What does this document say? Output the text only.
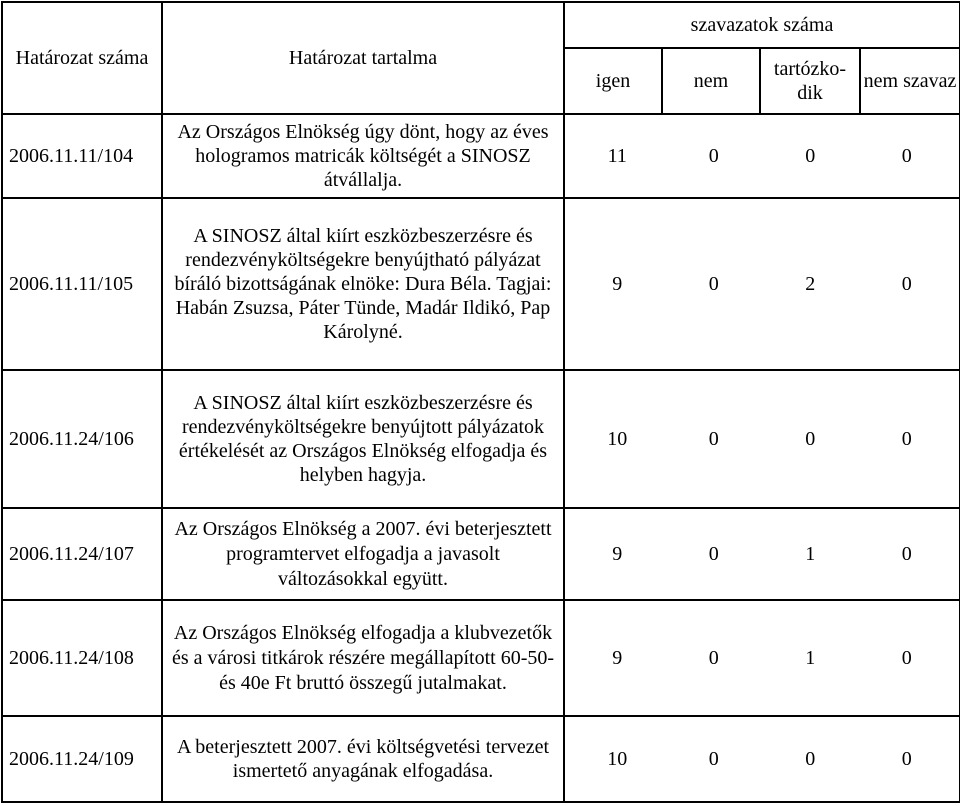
Határozat száma	Határozat tartalma	szavazatok száma			
		igen	nem	tartózko-dik	nem szavaz
2006.11.11/104	Az Országos Elnökség úgy dönt, hogy az éves hologramos matricák költségét a SINOSZ átvállalja.	11 0 0 0			

2006.11.11/105	A SINOSZ által kiírt eszközbeszerzésre és rendezvényköltségekre benyújtható pályázat bíráló bizottságának elnöke: Dura Béla. Tagjai: Habán Zsuzsa, Páter Tünde, Madár Ildikó, Pap Károlyné.	9 0 2 0			

2006.11.24/106	A SINOSZ által kiírt eszközbeszerzésre és rendezvényköltségekre benyújtott pályázatok értékelését az Országos Elnökség elfogadja és helyben hagyja.	10 0 0 0			

2006.11.24/107	Az Országos Elnökség a 2007. évi beterjesztett programtervet elfogadja a javasolt változásokkal együtt.	9 0 1 0			

2006.11.24/108	Az Országos Elnökség elfogadja a klubvezetők és a városi titkárok részére megállapított 60-50-és 40e Ft bruttó összegű jutalmakat.	9 0 1 0			

2006.11.24/109	A beterjesztett 2007. évi költségvetési tervezet ismertető anyagának elfogadása.	10 0 0 0			
